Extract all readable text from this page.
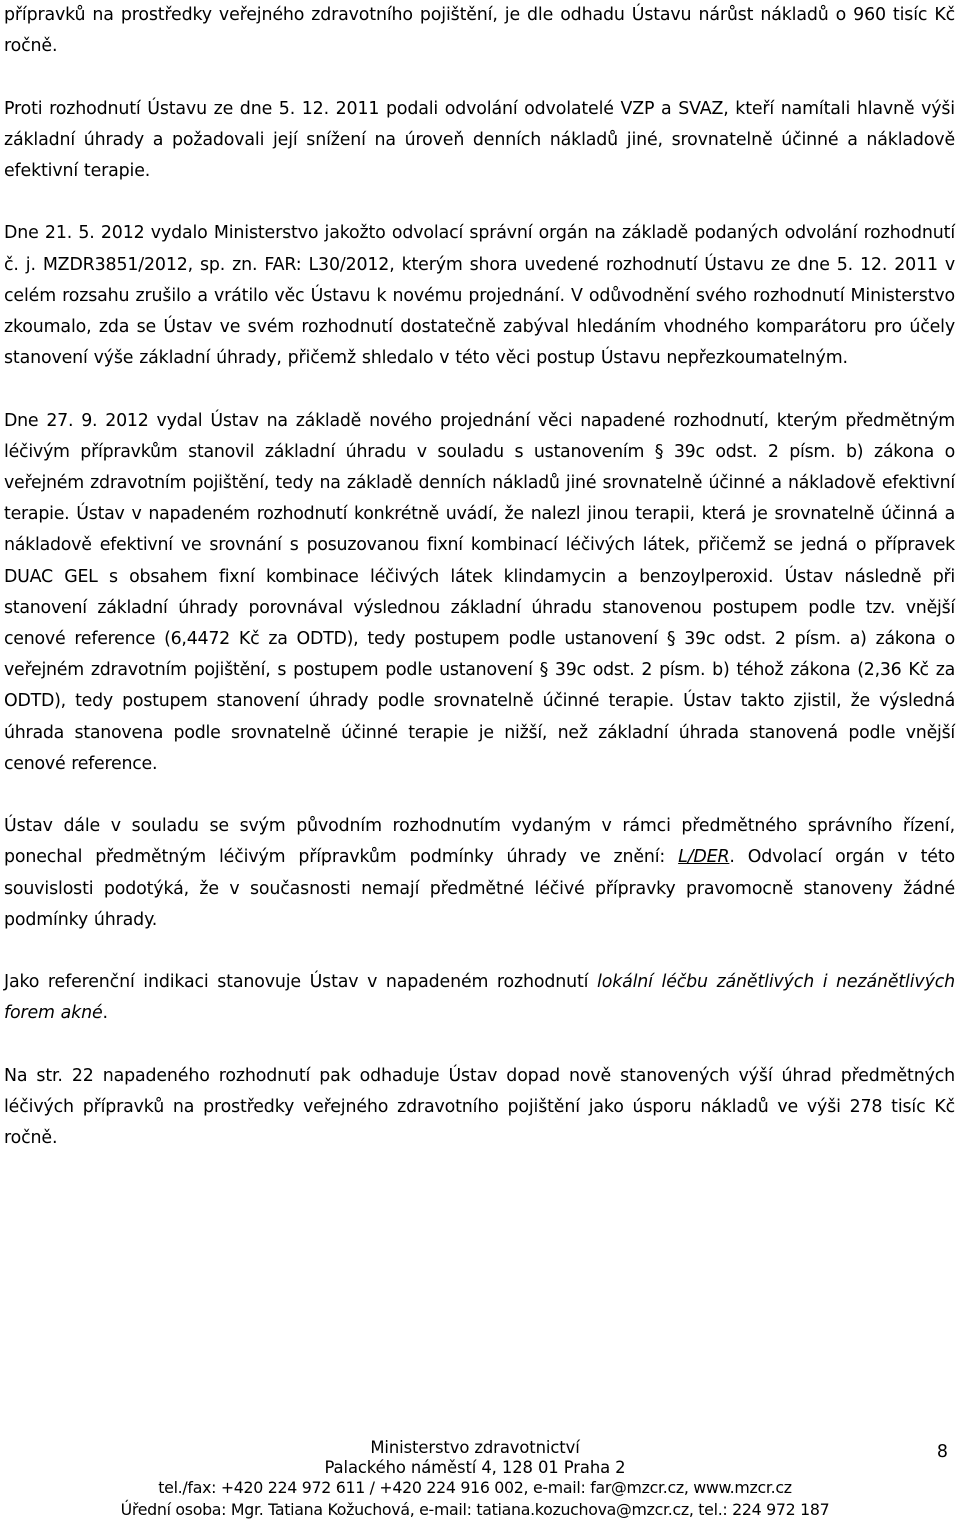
přípravků na prostředky veřejného zdravotního pojištění, je dle odhadu Ústavu nárůst nákladů o 960 tisíc Kč ročně.

Proti rozhodnutí Ústavu ze dne 5. 12. 2011 podali odvolání odvolatelé VZP a SVAZ, kteří namítali hlavně výši základní úhrady a požadovali její snížení na úroveň denních nákladů jiné, srovnatelně účinné a nákladově efektivní terapie.

Dne 21. 5. 2012 vydalo Ministerstvo jakožto odvolací správní orgán na základě podaných odvolání rozhodnutí č. j. MZDR3851/2012, sp. zn. FAR: L30/2012, kterým shora uvedené rozhodnutí Ústavu ze dne 5. 12. 2011 v celém rozsahu zrušilo a vrátilo věc Ústavu k novému projednání. V odůvodnění svého rozhodnutí Ministerstvo zkoumalo, zda se Ústav ve svém rozhodnutí dostatečně zabýval hledáním vhodného komparátoru pro účely stanovení výše základní úhrady, přičemž shledalo v této věci postup Ústavu nepřezkoumatelným.

Dne 27. 9. 2012 vydal Ústav na základě nového projednání věci napadené rozhodnutí, kterým předmětným léčivým přípravkům stanovil základní úhradu v souladu s ustanovením § 39c odst. 2 písm. b) zákona o veřejném zdravotním pojištění, tedy na základě denních nákladů jiné srovnatelně účinné a nákladově efektivní terapie. Ústav v napadeném rozhodnutí konkrétně uvádí, že nalezl jinou terapii, která je srovnatelně účinná a nákladově efektivní ve srovnání s posuzovanou fixní kombinací léčivých látek, přičemž se jedná o přípravek DUAC GEL s obsahem fixní kombinace léčivých látek klindamycin a benzoylperoxid. Ústav následně při stanovení základní úhrady porovnával výslednou základní úhradu stanovenou postupem podle tzv. vnější cenové reference (6,4472 Kč za ODTD), tedy postupem podle ustanovení § 39c odst. 2 písm. a) zákona o veřejném zdravotním pojištění, s postupem podle ustanovení § 39c odst. 2 písm. b) téhož zákona (2,36 Kč za ODTD), tedy postupem stanovení úhrady podle srovnatelně účinné terapie. Ústav takto zjistil, že výsledná úhrada stanovena podle srovnatelně účinné terapie je nižší, než základní úhrada stanovená podle vnější cenové reference.

Ústav dále v souladu se svým původním rozhodnutím vydaným v rámci předmětného správního řízení, ponechal předmětným léčivým přípravkům podmínky úhrady ve znění: L/DER. Odvolací orgán v této souvislosti podotýká, že v současnosti nemají předmětné léčivé přípravky pravomocně stanoveny žádné podmínky úhrady.

Jako referenční indikaci stanovuje Ústav v napadeném rozhodnutí lokální léčbu zánětlivých i nezánětlivých forem akné.

Na str. 22 napadeného rozhodnutí pak odhaduje Ústav dopad nově stanovených výší úhrad předmětných léčivých přípravků na prostředky veřejného zdravotního pojištění jako úsporu nákladů ve výši 278 tisíc Kč ročně.

Ministerstvo zdravotnictví
Palackého náměstí 4, 128 01 Praha 2
tel./fax: +420 224 972 611 / +420 224 916 002, e-mail: far@mzcr.cz, www.mzcr.cz
Úřední osoba: Mgr. Tatiana Kožuchová, e-mail: tatiana.kozuchova@mzcr.cz, tel.: 224 972 187
8
